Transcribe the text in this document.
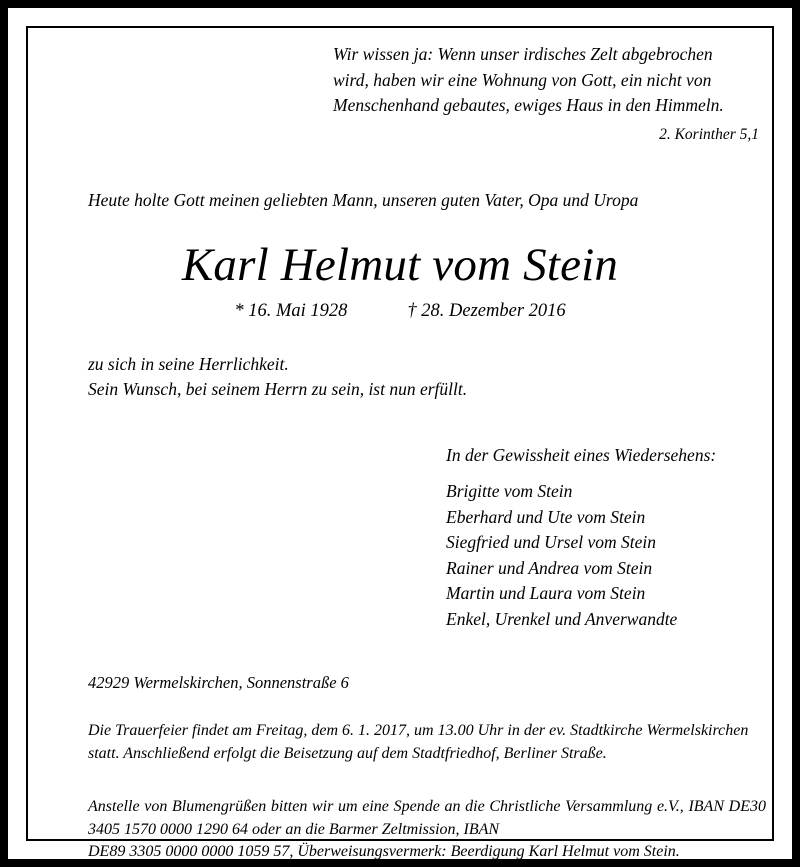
Wir wissen ja: Wenn unser irdisches Zelt abgebrochen
wird, haben wir eine Wohnung von Gott, ein nicht von
Menschenhand gebautes, ewiges Haus in den Himmeln.
2. Korinther 5,1
Heute holte Gott meinen geliebten Mann, unseren guten Vater, Opa und Uropa
Karl Helmut vom Stein
* 16. Mai 1928	† 28. Dezember 2016
zu sich in seine Herrlichkeit.
Sein Wunsch, bei seinem Herrn zu sein, ist nun erfüllt.
In der Gewissheit eines Wiedersehens:
Brigitte vom Stein
Eberhard und Ute vom Stein
Siegfried und Ursel vom Stein
Rainer und Andrea vom Stein
Martin und Laura vom Stein
Enkel, Urenkel und Anverwandte
42929 Wermelskirchen, Sonnenstraße 6
Die Trauerfeier findet am Freitag, dem 6. 1. 2017, um 13.00 Uhr in der ev. Stadtkirche Wermelskirchen statt. Anschließend erfolgt die Beisetzung auf dem Stadtfriedhof, Berliner Straße.
Anstelle von Blumengrüßen bitten wir um eine Spende an die Christliche Versammlung e.V., IBAN DE30 3405 1570 0000 1290 64 oder an die Barmer Zeltmission, IBAN
DE89 3305 0000 0000 1059 57, Überweisungsvermerk: Beerdigung Karl Helmut vom Stein.
